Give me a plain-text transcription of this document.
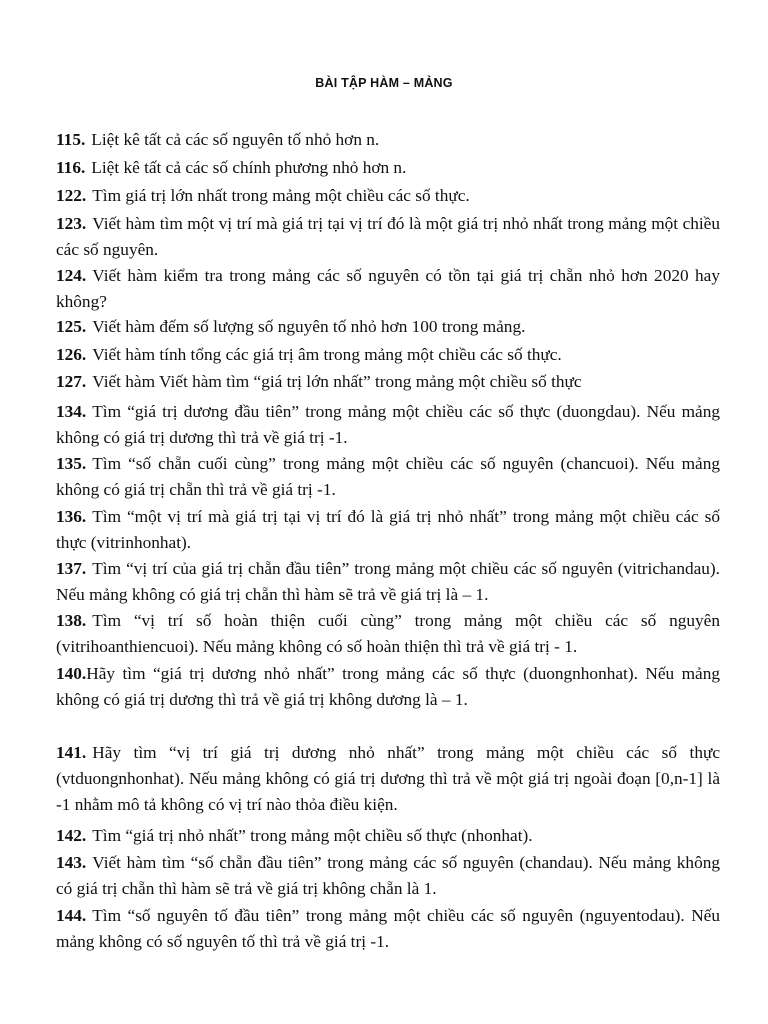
BÀI TẬP HÀM – MẢNG
115. Liệt kê tất cả các số nguyên tố nhỏ hơn n.
116. Liệt kê tất cả các số chính phương nhỏ hơn n.
122. Tìm giá trị lớn nhất trong mảng một chiều các số thực.
123. Viết hàm tìm một vị trí mà giá trị tại vị trí đó là một giá trị nhỏ nhất trong mảng một chiều các số nguyên.
124. Viết hàm kiểm tra trong mảng các số nguyên có tồn tại giá trị chẵn nhỏ hơn 2020 hay không?
125. Viết hàm đếm số lượng số nguyên tố nhỏ hơn 100 trong mảng.
126. Viết hàm tính tổng các giá trị âm trong mảng một chiều các số thực.
127. Viết hàm Viết hàm tìm “giá trị lớn nhất” trong mảng một chiều số thực
134. Tìm “giá trị dương đầu tiên” trong mảng một chiều các số thực (duongdau). Nếu mảng không có giá trị dương thì trả về giá trị -1.
135. Tìm “số chẵn cuối cùng” trong mảng một chiều các số nguyên (chancuoi). Nếu mảng không có giá trị chẵn thì trả về giá trị -1.
136. Tìm “một vị trí mà giá trị tại vị trí đó là giá trị nhỏ nhất” trong mảng một chiều các số thực (vitrinhonhat).
137. Tìm “vị trí của giá trị chẵn đầu tiên” trong mảng một chiều các số nguyên (vitrichandau). Nếu mảng không có giá trị chẵn thì hàm sẽ trả về giá trị là – 1.
138. Tìm “vị trí số hoàn thiện cuối cùng” trong mảng một chiều các số nguyên (vitrihoanthiencuoi). Nếu mảng không có số hoàn thiện thì trả về giá trị - 1.
140.Hãy tìm “giá trị dương nhỏ nhất” trong mảng các số thực (duongnhonhat). Nếu mảng không có giá trị dương thì trả về giá trị không dương là – 1.
141. Hãy tìm “vị trí giá trị dương nhỏ nhất” trong mảng một chiều các số thực (vtduongnhonhat). Nếu mảng không có giá trị dương thì trả về một giá trị ngoài đoạn [0,n-1] là -1 nhằm mô tả không có vị trí nào thỏa điều kiện.
142. Tìm “giá trị nhỏ nhất” trong mảng một chiều số thực (nhonhat).
143. Viết hàm tìm “số chẵn đầu tiên” trong mảng các số nguyên (chandau). Nếu mảng không có giá trị chẵn thì hàm sẽ trả về giá trị không chẵn là 1.
144. Tìm “số nguyên tố đầu tiên” trong mảng một chiều các số nguyên (nguyentodau). Nếu mảng không có số nguyên tố thì trả về giá trị -1.
